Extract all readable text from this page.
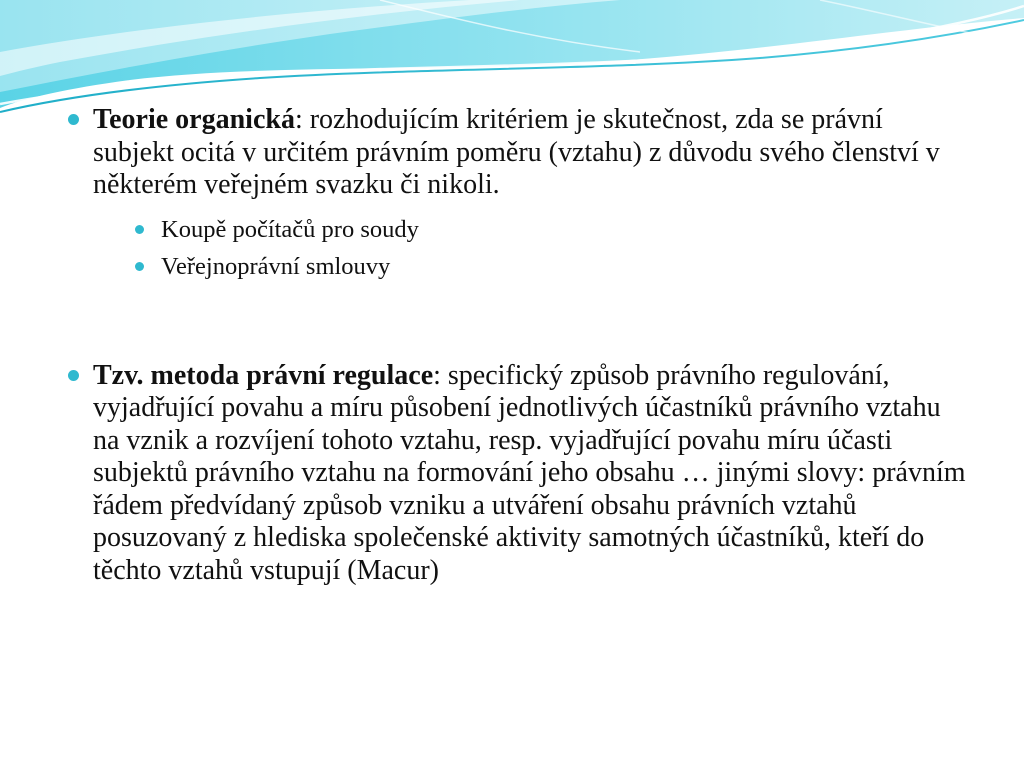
Teorie organická: rozhodujícím kritériem je skutečnost, zda se právní subjekt ocitá v určitém právním poměru (vztahu) z důvodu svého členství v některém veřejném svazku či nikoli.
Koupě počítačů pro soudy
Veřejnoprávní smlouvy
Tzv. metoda právní regulace: specifický způsob právního regulování, vyjadřující povahu a míru působení jednotlivých účastníků právního vztahu na vznik a rozvíjení tohoto vztahu, resp. vyjadřující povahu míru účasti subjektů právního vztahu na formování jeho obsahu … jinými slovy: právním řádem předvídaný způsob vzniku a utváření obsahu právních vztahů posuzovaný z hlediska společenské aktivity samotných účastníků, kteří do těchto vztahů vstupují (Macur)
